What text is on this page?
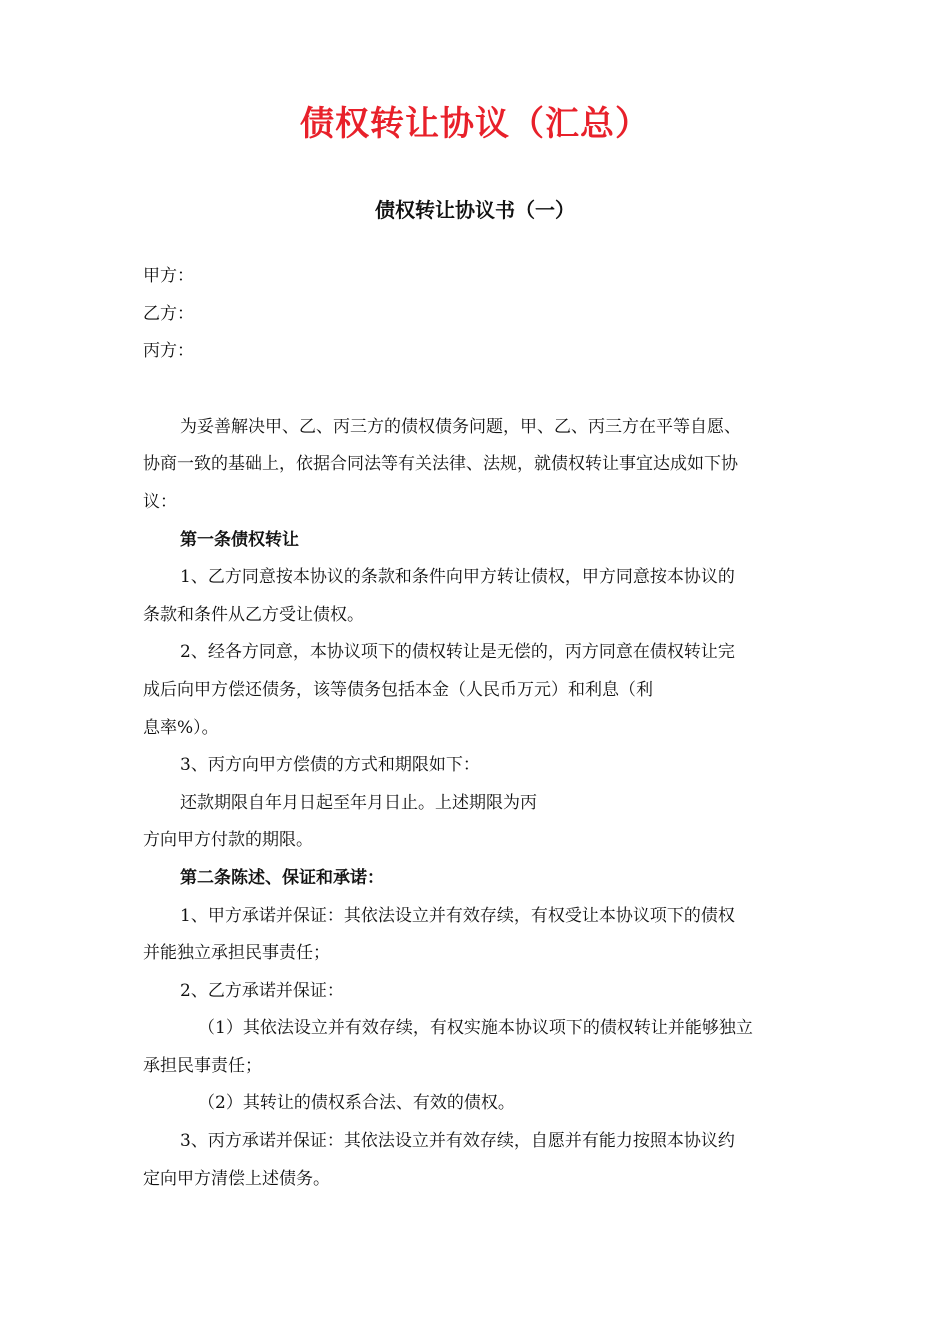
债权转让协议（汇总）
债权转让协议书（一）
甲方：
乙方：
丙方：
为妥善解决甲、乙、丙三方的债权债务问题，甲、乙、丙三方在平等自愿、
协商一致的基础上，依据合同法等有关法律、法规，就债权转让事宜达成如下协
议：
第一条债权转让
1、乙方同意按本协议的条款和条件向甲方转让债权，甲方同意按本协议的
条款和条件从乙方受让债权。
2、经各方同意，本协议项下的债权转让是无偿的，丙方同意在债权转让完
成后向甲方偿还债务，该等债务包括本金（人民币万元）和利息（利
息率%）。
3、丙方向甲方偿债的方式和期限如下：
还款期限自年月日起至年月日止。上述期限为丙
方向甲方付款的期限。
第二条陈述、保证和承诺：
1、甲方承诺并保证：其依法设立并有效存续，有权受让本协议项下的债权
并能独立承担民事责任；
2、乙方承诺并保证：
（1）其依法设立并有效存续，有权实施本协议项下的债权转让并能够独立
承担民事责任；
（2）其转让的债权系合法、有效的债权。
3、丙方承诺并保证：其依法设立并有效存续，自愿并有能力按照本协议约
定向甲方清偿上述债务。
